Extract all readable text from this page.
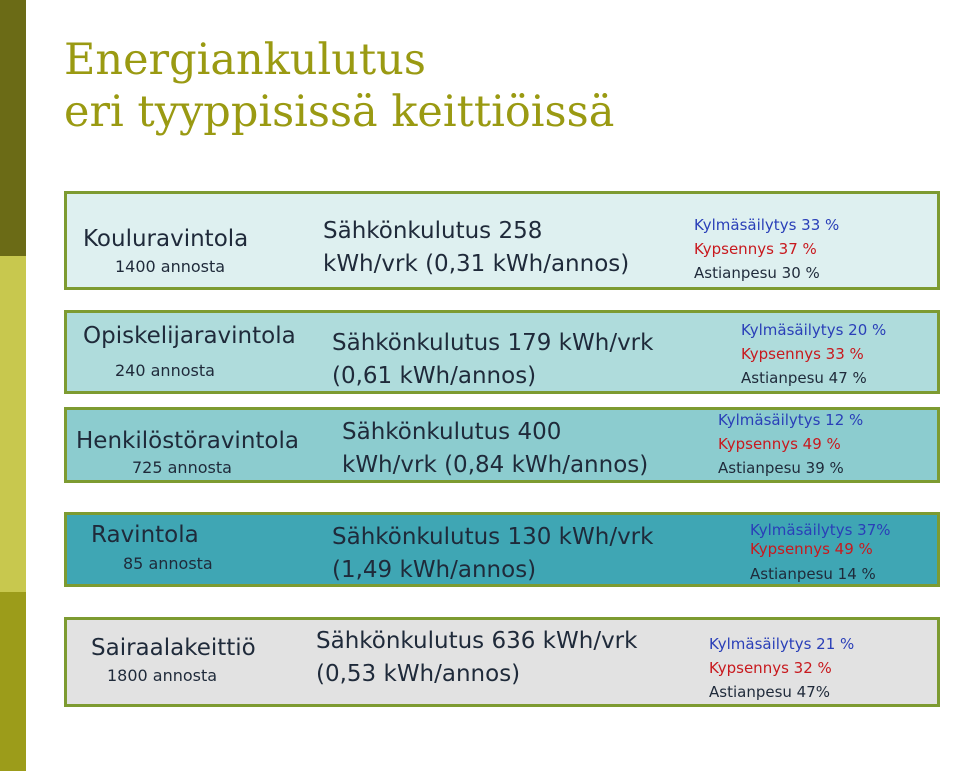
Energiankulutus
eri tyyppisissä keittiöissä
Kouluravintola
1400 annosta
Sähkönkulutus 258
kWh/vrk (0,31 kWh/annos)
Kylmäsäilytys 33 %
Kypsennys 37 %
Astianpesu 30 %
Opiskelijaravintola
240 annosta
Sähkönkulutus 179 kWh/vrk
(0,61 kWh/annos)
Kylmäsäilytys 20 %
Kypsennys 33 %
Astianpesu 47 %
Henkilöstöravintola
725 annosta
Sähkönkulutus 400
kWh/vrk (0,84 kWh/annos)
Kylmäsäilytys 12 %
Kypsennys 49 %
Astianpesu 39 %
Ravintola
85 annosta
Sähkönkulutus 130 kWh/vrk
(1,49 kWh/annos)
Kylmäsäilytys 37%
Kypsennys 49 %
Astianpesu 14 %
Sairaalakeittiö
1800 annosta
Sähkönkulutus 636 kWh/vrk
(0,53 kWh/annos)
Kylmäsäilytys 21 %
Kypsennys 32 %
Astianpesu 47%
